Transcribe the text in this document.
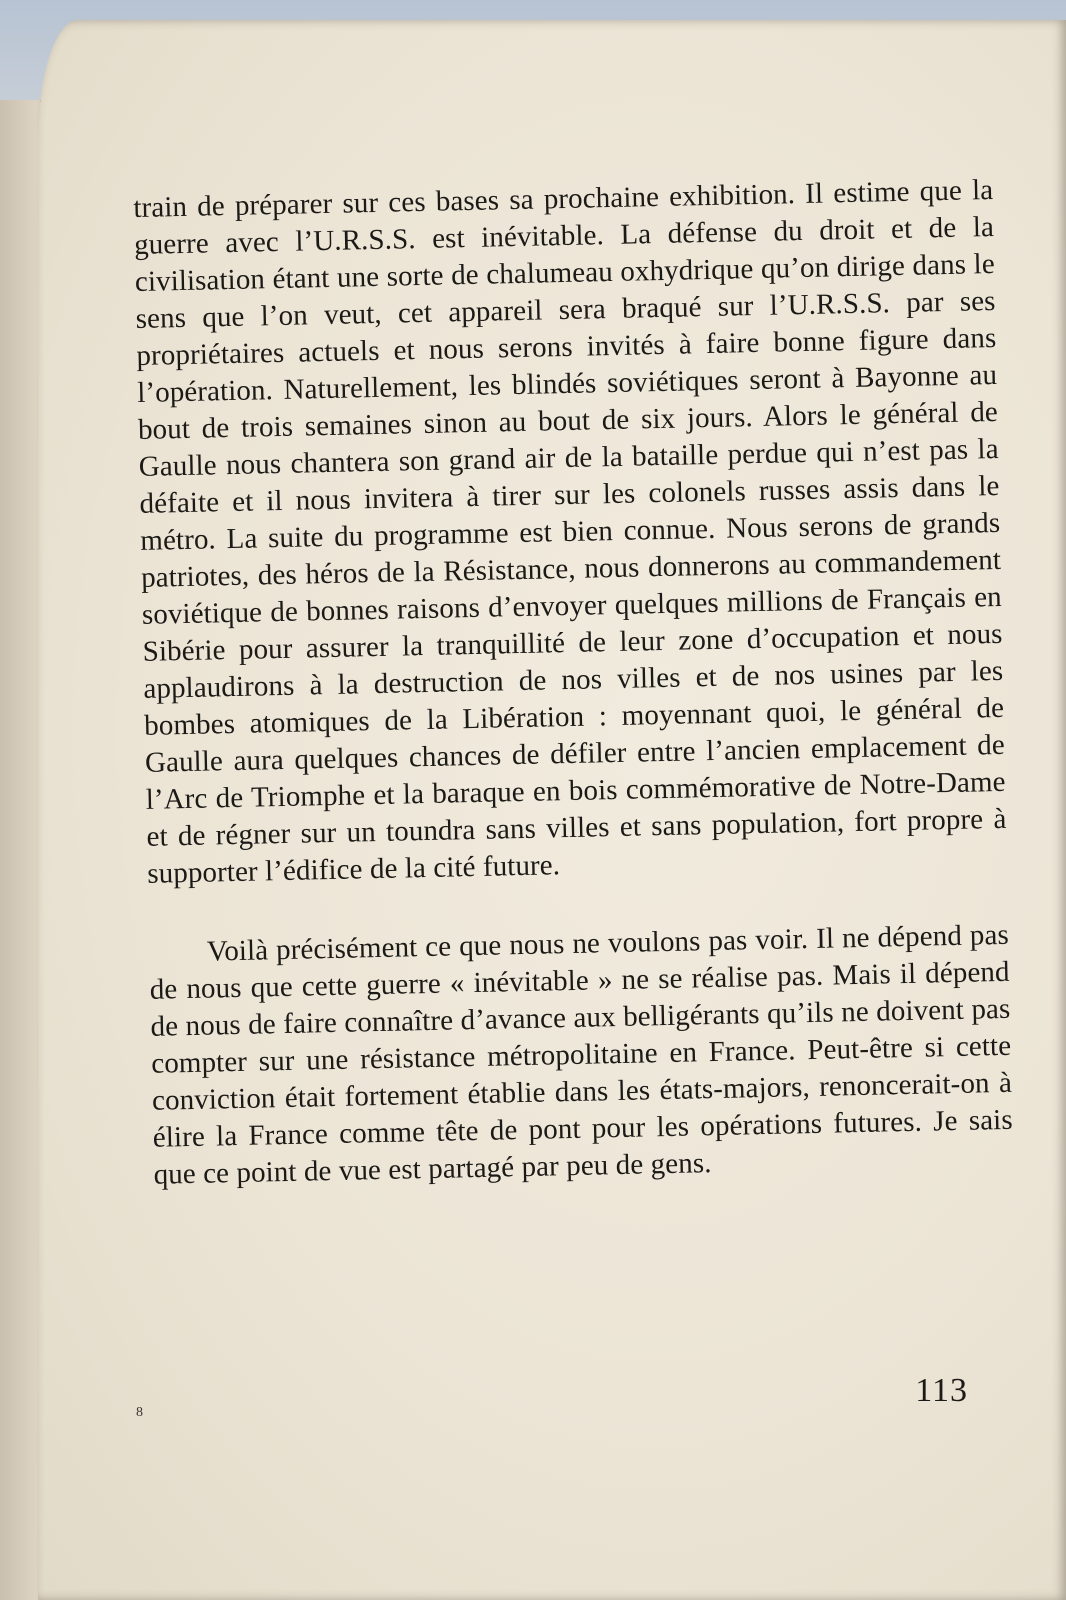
train de préparer sur ces bases sa prochaine exhibition. Il estime que la guerre avec l’U.R.S.S. est inévitable. La défense du droit et de la civilisation étant une sorte de chalumeau oxhydrique qu’on dirige dans le sens que l’on veut, cet appareil sera braqué sur l’U.R.S.S. par ses propriétaires actuels et nous serons invités à faire bonne figure dans l’opération. Naturellement, les blindés soviétiques seront à Bayonne au bout de trois semaines sinon au bout de six jours. Alors le général de Gaulle nous chantera son grand air de la bataille perdue qui n’est pas la défaite et il nous invitera à tirer sur les colonels russes assis dans le métro. La suite du programme est bien connue. Nous serons de grands patriotes, des héros de la Résistance, nous donnerons au commandement soviétique de bonnes raisons d’envoyer quelques millions de Français en Sibérie pour assurer la tranquillité de leur zone d’occupation et nous applaudirons à la destruction de nos villes et de nos usines par les bombes atomiques de la Libération : moyennant quoi, le général de Gaulle aura quelques chances de défiler entre l’ancien emplacement de l’Arc de Triomphe et la baraque en bois commémorative de Notre-Dame et de régner sur un toundra sans villes et sans population, fort propre à supporter l’édifice de la cité future.

Voilà précisément ce que nous ne voulons pas voir. Il ne dépend pas de nous que cette guerre « inévitable » ne se réalise pas. Mais il dépend de nous de faire connaître d’avance aux belligérants qu’ils ne doivent pas compter sur une résistance métropolitaine en France. Peut-être si cette conviction était fortement établie dans les états-majors, renoncerait-on à élire la France comme tête de pont pour les opérations futures. Je sais que ce point de vue est partagé par peu de gens.

8
113
